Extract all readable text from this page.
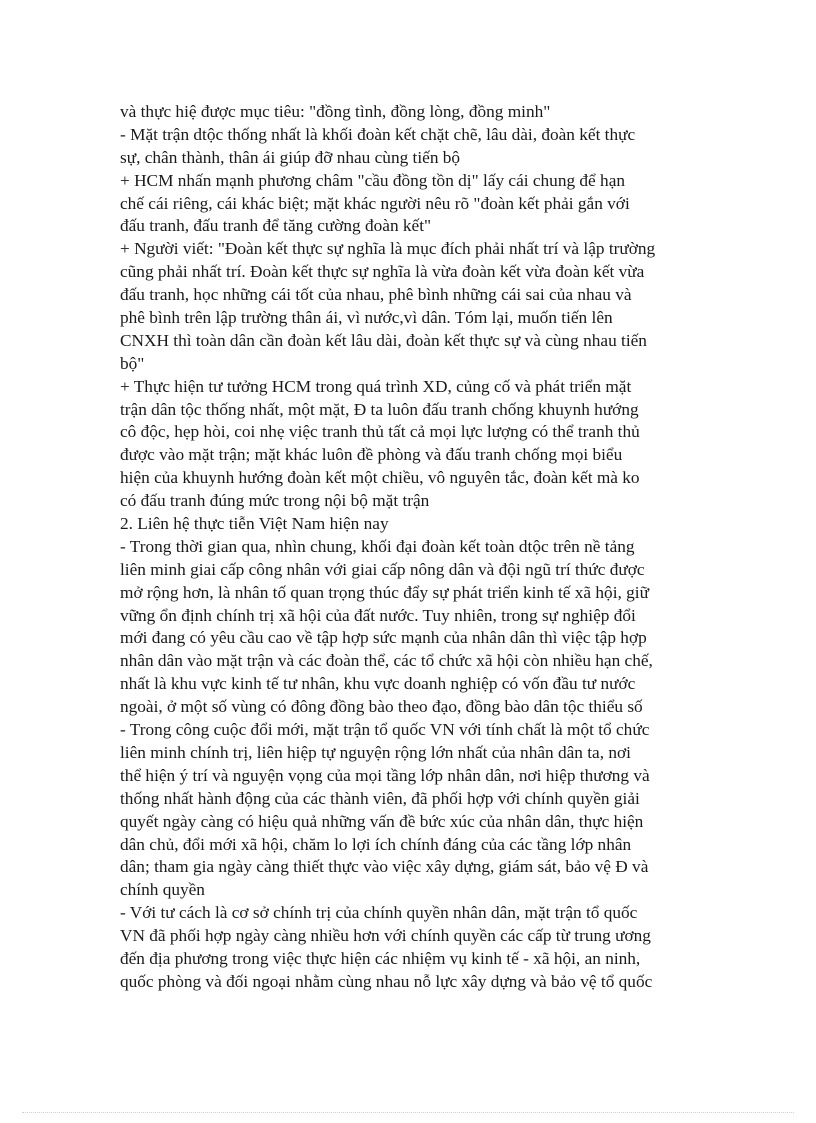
và thực hiệ được mục tiêu: "đồng tình, đồng lòng, đồng minh"
- Mặt trận dtộc thống nhất là khối đoàn kết chặt chẽ, lâu dài, đoàn kết thực
sự, chân thành, thân ái giúp đỡ nhau cùng tiến bộ
+ HCM nhấn mạnh phương châm "cầu đồng tồn dị" lấy cái chung để hạn
chế cái riêng, cái khác biệt; mặt khác người nêu rõ "đoàn kết phải gắn với
đấu tranh, đấu tranh để tăng cường đoàn kết"
+ Người viết: "Đoàn kết thực sự nghĩa là mục đích phải nhất trí và lập trường
cũng phải nhất trí. Đoàn kết thực sự nghĩa là vừa đoàn kết vừa đoàn kết vừa
đấu tranh, học những cái tốt của nhau, phê bình những cái sai của nhau và
phê bình trên lập trường thân ái, vì nước,vì dân. Tóm lại, muốn tiến lên
CNXH thì toàn dân cần đoàn kết lâu dài, đoàn kết thực sự và cùng nhau tiến
bộ"
+ Thực hiện tư tưởng HCM trong quá trình XD, củng cố và phát triển mặt
trận dân tộc thống nhất, một mặt, Đ ta luôn đấu tranh chống khuynh hướng
cô độc, hẹp hòi, coi nhẹ việc tranh thủ tất cả mọi lực lượng có thể tranh thủ
được vào mặt trận; mặt khác luôn đề phòng và đấu tranh chống mọi biểu
hiện của khuynh hướng đoàn kết một chiều, vô nguyên tắc, đoàn kết mà ko
có đấu tranh đúng mức trong nội bộ mặt trận
2. Liên hệ thực tiễn Việt Nam hiện nay
- Trong thời gian qua, nhìn chung, khối đại đoàn kết toàn dtộc trên nề tảng
liên minh giai cấp công nhân với giai cấp nông dân và đội ngũ trí thức được
mở rộng hơn, là nhân tố quan trọng thúc đẩy sự phát triển kinh tế xã hội, giữ
vững ổn định chính trị xã hội của đất nước. Tuy nhiên, trong sự nghiệp đổi
mới đang có yêu cầu cao về tập hợp sức mạnh của nhân dân thì việc tập hợp
nhân dân vào mặt trận và các đoàn thể, các tổ chức xã hội còn nhiều hạn chế,
nhất là khu vực kinh tế tư nhân, khu vực doanh nghiệp có vốn đầu tư nước
ngoài, ở một số vùng có đông đồng bào theo đạo, đồng bào dân tộc thiểu số
- Trong công cuộc đổi mới, mặt trận tổ quốc VN với tính chất là một tổ chức
liên minh chính trị, liên hiệp tự nguyện rộng lớn nhất của nhân dân ta, nơi
thể hiện ý trí và nguyện vọng của mọi tầng lớp nhân dân, nơi hiệp thương và
thống nhất hành động của các thành viên, đã phối hợp với chính quyền giải
quyết ngày càng có hiệu quả những vấn đề bức xúc của nhân dân, thực hiện
dân chủ, đổi mới xã hội, chăm lo lợi ích chính đáng của các tầng lớp nhân
dân; tham gia ngày càng thiết thực vào việc xây dựng, giám sát, bảo vệ Đ và
chính quyền
- Với tư cách là cơ sở chính trị của chính quyền nhân dân, mặt trận tổ quốc
VN đã phối hợp ngày càng nhiều hơn với chính quyền các cấp từ trung ương
đến địa phương trong việc thực hiện các nhiệm vụ kinh tế - xã hội, an ninh,
quốc phòng và đối ngoại nhằm cùng nhau nỗ lực xây dựng và bảo vệ tổ quốc
